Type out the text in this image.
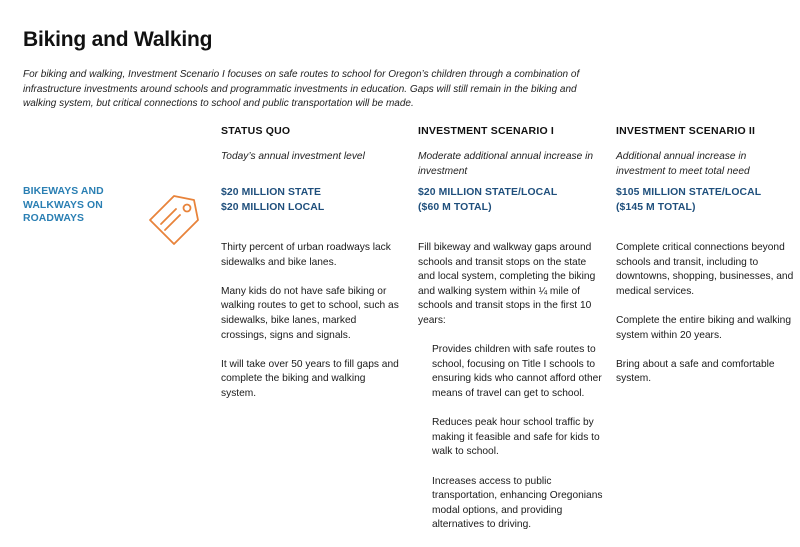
Biking and Walking
For biking and walking, Investment Scenario I focuses on safe routes to school for Oregon’s children through a combination of infrastructure investments around schools and programmatic investments in education. Gaps will still remain in the biking and walking system, but critical connections to school and public transportation will be made.
BIKEWAYS AND WALKWAYS ON ROADWAYS
STATUS QUO
Today’s annual investment level
$20 MILLION STATE
$20 MILLION LOCAL

Thirty percent of urban roadways lack sidewalks and bike lanes.

Many kids do not have safe biking or walking routes to get to school, such as sidewalks, bike lanes, marked crossings, signs and signals.

It will take over 50 years to fill gaps and complete the biking and walking system.

INVESTMENT SCENARIO I
Moderate additional annual increase in investment
$20 MILLION STATE/LOCAL
($60 M TOTAL)

Fill bikeway and walkway gaps around schools and transit stops on the state and local system, completing the biking and walking system within ¼ mile of schools and transit stops in the first 10 years:

Provides children with safe routes to school, focusing on Title I schools to ensuring kids who cannot afford other means of travel can get to school.

Reduces peak hour school traffic by making it feasible and safe for kids to walk to school.

Increases access to public transportation, enhancing Oregonians modal options, and providing alternatives to driving.

INVESTMENT SCENARIO II
Additional annual increase in investment to meet total need
$105 MILLION STATE/LOCAL
($145 M TOTAL)

Complete critical connections beyond schools and transit, including to downtowns, shopping, businesses, and medical services.

Complete the entire biking and walking system within 20 years.

Bring about a safe and comfortable system.
